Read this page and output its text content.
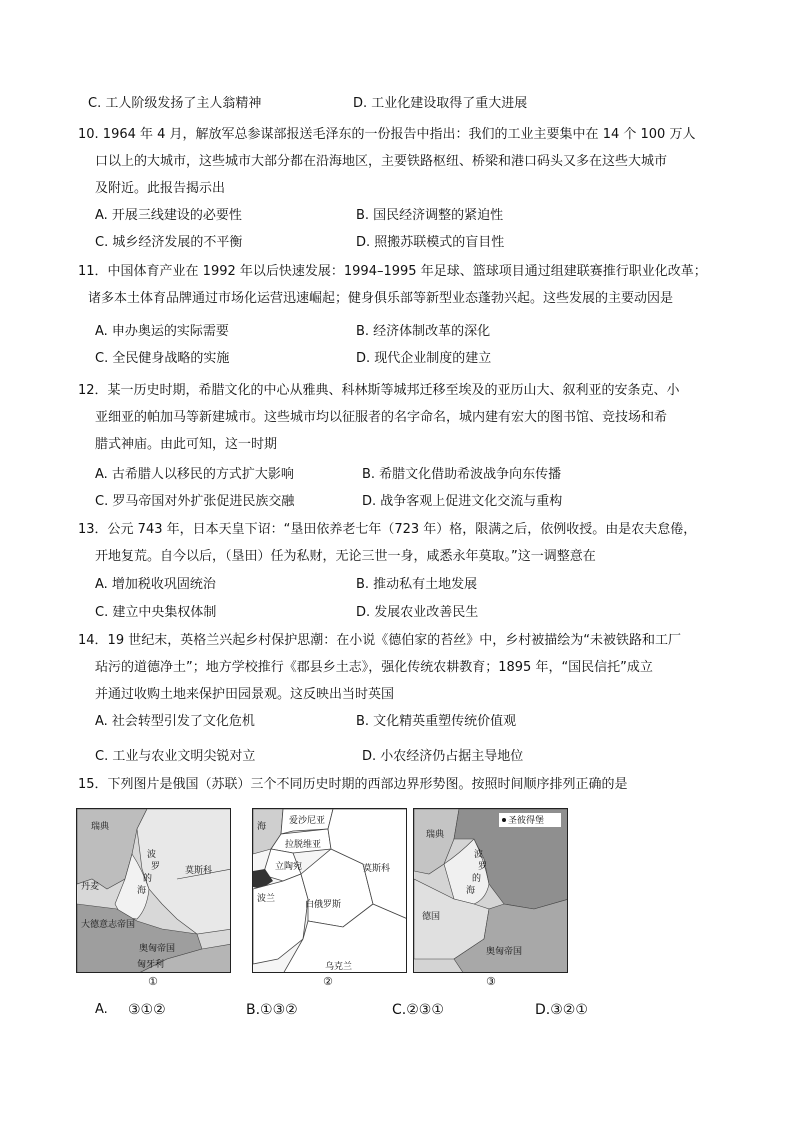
C. 工人阶级发扬了主人翁精神	D. 工业化建设取得了重大进展
10. 1964 年 4 月，解放军总参谋部报送毛泽东的一份报告中指出：我们的工业主要集中在 14 个 100 万人
口以上的大城市，这些城市大部分都在沿海地区，主要铁路枢纽、桥梁和港口码头又多在这些大城市
及附近。此报告揭示出
A. 开展三线建设的必要性	B. 国民经济调整的紧迫性
C. 城乡经济发展的不平衡	D. 照搬苏联模式的盲目性
11．中国体育产业在 1992 年以后快速发展：1994–1995 年足球、篮球项目通过组建联赛推行职业化改革；
诸多本土体育品牌通过市场化运营迅速崛起；健身俱乐部等新型业态蓬勃兴起。这些发展的主要动因是
A. 申办奥运的实际需要	B. 经济体制改革的深化
C. 全民健身战略的实施	D. 现代企业制度的建立
12．某一历史时期，希腊文化的中心从雅典、科林斯等城邦迁移至埃及的亚历山大、叙利亚的安条克、小
亚细亚的帕加马等新建城市。这些城市均以征服者的名字命名，城内建有宏大的图书馆、竞技场和希
腊式神庙。由此可知，这一时期
A. 古希腊人以移民的方式扩大影响	B. 希腊文化借助希波战争向东传播
C. 罗马帝国对外扩张促进民族交融	D. 战争客观上促进文化交流与重构
13．公元 743 年，日本天皇下诏：“垦田依养老七年（723 年）格，限满之后，依例收授。由是农夫怠倦，
开地复荒。自今以后，（垦田）任为私财，无论三世一身，咸悉永年莫取。”这一调整意在
A. 增加税收巩固统治	B. 推动私有土地发展
C. 建立中央集权体制	D. 发展农业改善民生
14．19 世纪末，英格兰兴起乡村保护思潮：在小说《德伯家的苔丝》中，乡村被描绘为“未被铁路和工厂
玷污的道德净土”；地方学校推行《郡县乡土志》，强化传统农耕教育；1895 年，“国民信托”成立
并通过收购土地来保护田园景观。这反映出当时英国
A. 社会转型引发了文化危机	B. 文化精英重塑传统价值观
C. 工业与农业文明尖锐对立	D. 小农经济仍占据主导地位
15．下列图片是俄国（苏联）三个不同历史时期的西部边界形势图。按照时间顺序排列正确的是
瑞典
波
罗
的
海
莫斯科
丹麦
大德意志帝国
奥匈帝国
匈牙利
①
海
爱沙尼亚
拉脱维亚
立陶宛	莫斯科
波兰
白俄罗斯
乌克兰
②
圣彼得堡
瑞典
波
罗
的
海
德国
奥匈帝国
③
A. ③①②	B.①③②	C.②③①	D.③②①
